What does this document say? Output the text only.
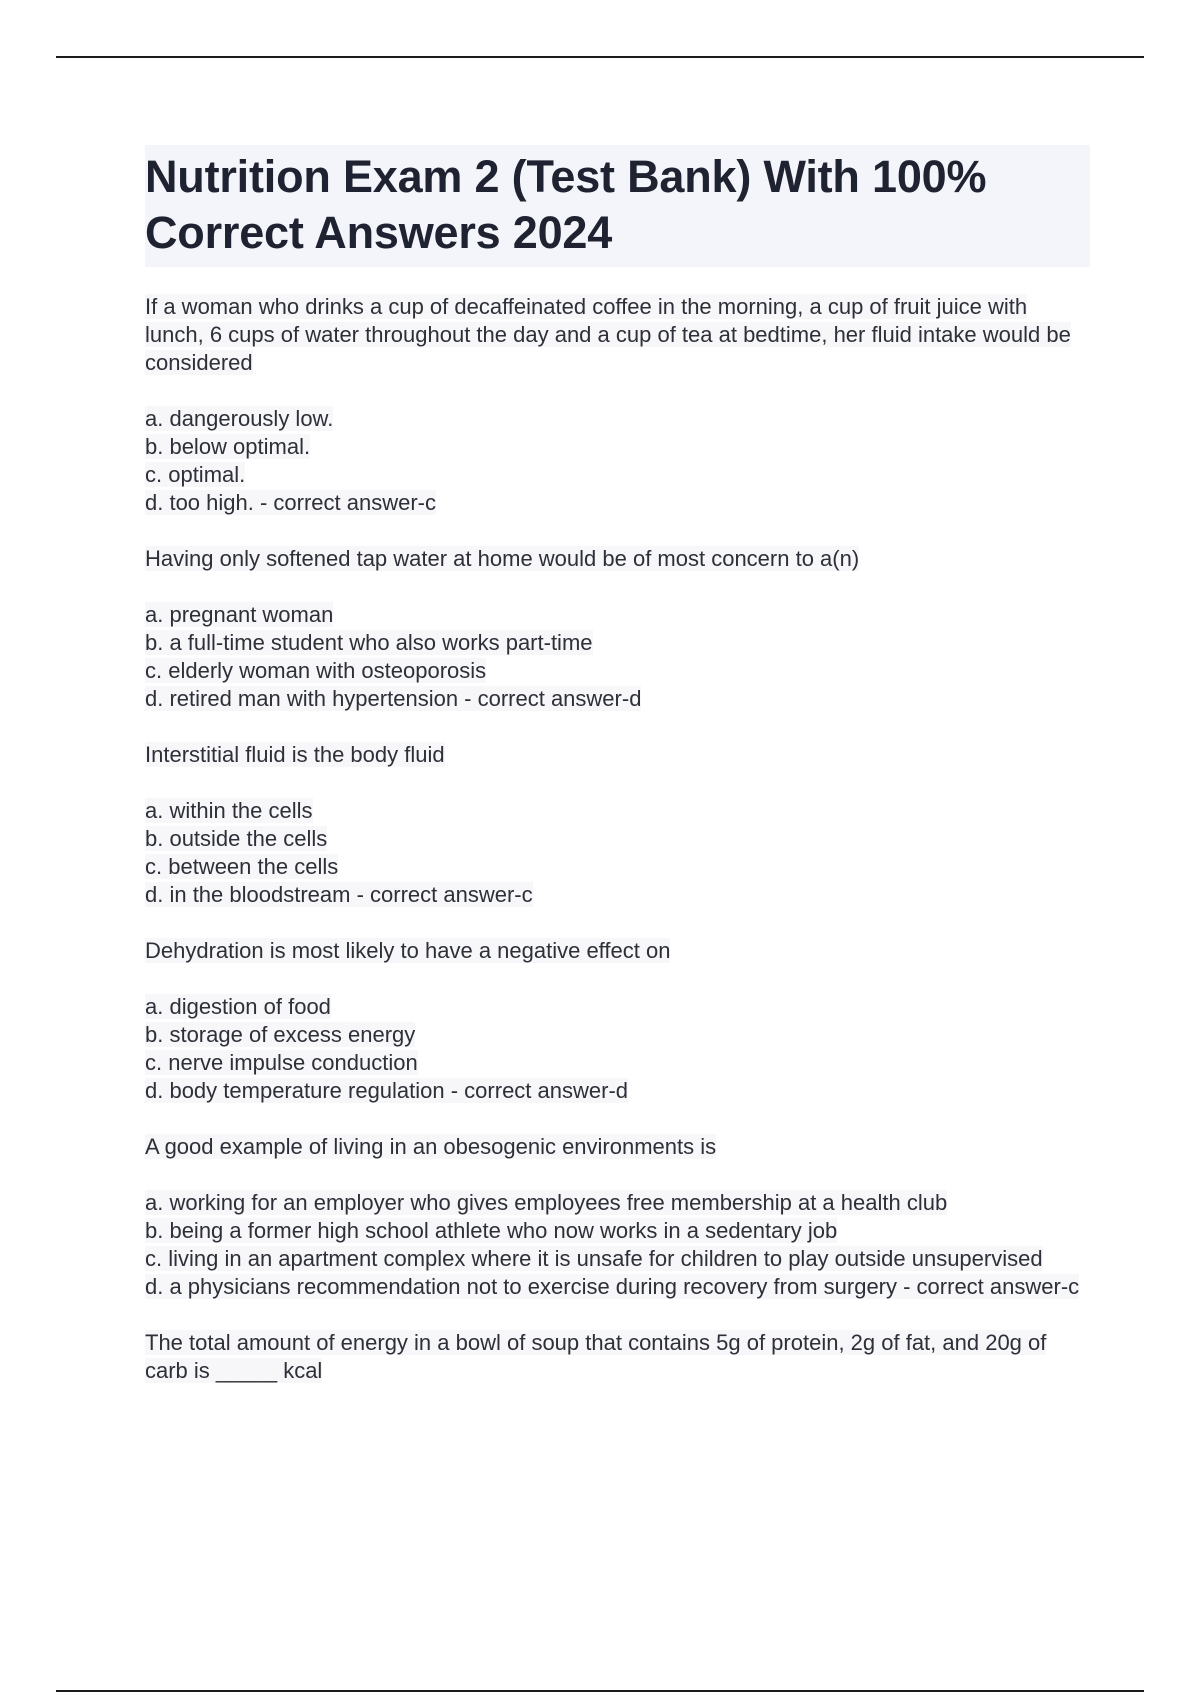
Nutrition Exam 2 (Test Bank) With 100% Correct Answers 2024
If a woman who drinks a cup of decaffeinated coffee in the morning, a cup of fruit juice with lunch, 6 cups of water throughout the day and a cup of tea at bedtime, her fluid intake would be considered
a. dangerously low.
b. below optimal.
c. optimal.
d. too high. - correct answer-c
Having only softened tap water at home would be of most concern to a(n)
a. pregnant woman
b. a full-time student who also works part-time
c. elderly woman with osteoporosis
d. retired man with hypertension - correct answer-d
Interstitial fluid is the body fluid
a. within the cells
b. outside the cells
c. between the cells
d. in the bloodstream - correct answer-c
Dehydration is most likely to have a negative effect on
a. digestion of food
b. storage of excess energy
c. nerve impulse conduction
d. body temperature regulation - correct answer-d
A good example of living in an obesogenic environments is
a. working for an employer who gives employees free membership at a health club
b. being a former high school athlete who now works in a sedentary job
c. living in an apartment complex where it is unsafe for children to play outside unsupervised
d. a physicians recommendation not to exercise during recovery from surgery - correct answer-c
The total amount of energy in a bowl of soup that contains 5g of protein, 2g of fat, and 20g of carb is _____ kcal
